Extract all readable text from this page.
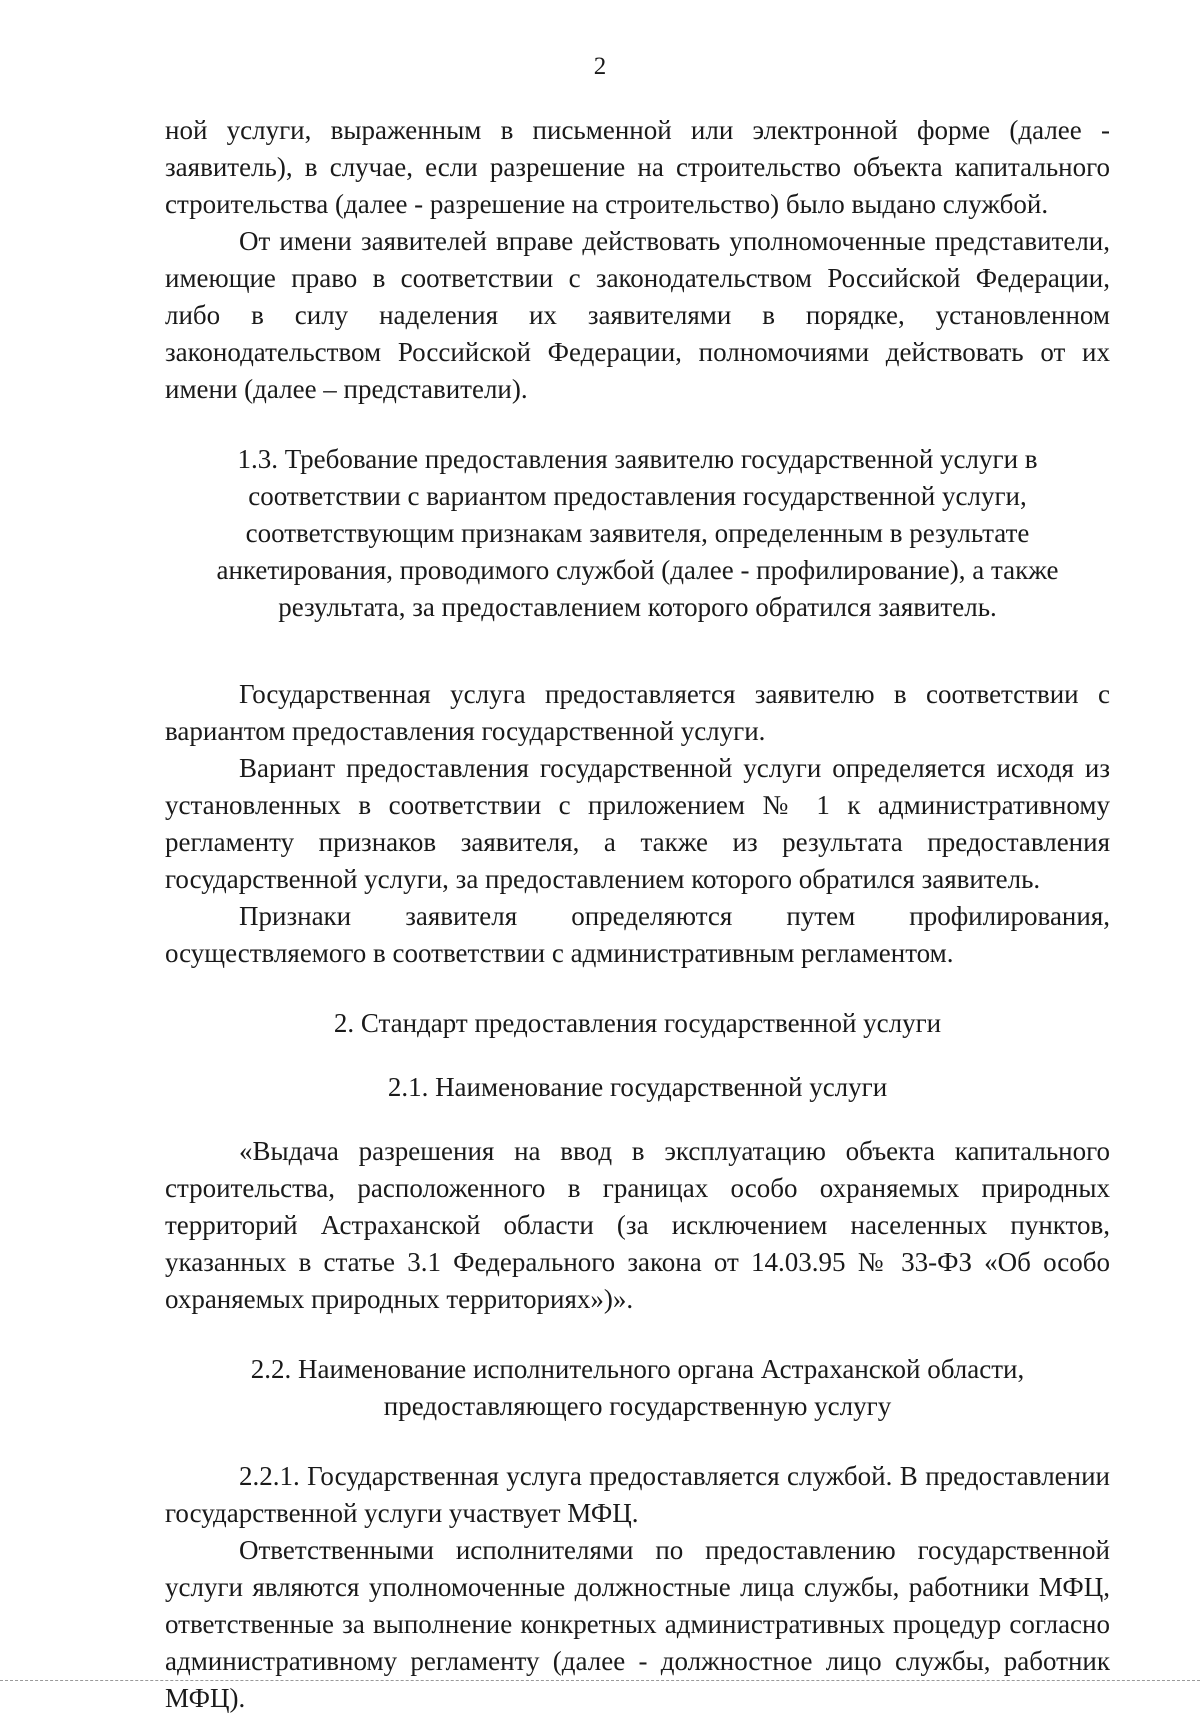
2

ной услуги, выраженным в письменной или электронной форме (далее - заявитель), в случае, если разрешение на строительство объекта капитального строительства (далее - разрешение на строительство) было выдано службой.

От имени заявителей вправе действовать уполномоченные представители, имеющие право в соответствии с законодательством Российской Федерации, либо в силу наделения их заявителями в порядке, установленном законодательством Российской Федерации, полномочиями действовать от их имени (далее – представители).

1.3. Требование предоставления заявителю государственной услуги в соответствии с вариантом предоставления государственной услуги, соответствующим признакам заявителя, определенным в результате анкетирования, проводимого службой (далее - профилирование), а также результата, за предоставлением которого обратился заявитель.

Государственная услуга предоставляется заявителю в соответствии с вариантом предоставления государственной услуги.

Вариант предоставления государственной услуги определяется исходя из установленных в соответствии с приложением № 1 к административному регламенту признаков заявителя, а также из результата предоставления государственной услуги, за предоставлением которого обратился заявитель.

Признаки заявителя определяются путем профилирования, осуществляемого в соответствии с административным регламентом.

2. Стандарт предоставления государственной услуги

2.1. Наименование государственной услуги

«Выдача разрешения на ввод в эксплуатацию объекта капитального строительства, расположенного в границах особо охраняемых природных территорий Астраханской области (за исключением населенных пунктов, указанных в статье 3.1 Федерального закона от 14.03.95 № 33-ФЗ «Об особо охраняемых природных территориях»)».

2.2. Наименование исполнительного органа Астраханской области, предоставляющего государственную услугу

2.2.1. Государственная услуга предоставляется службой. В предоставлении государственной услуги участвует МФЦ.

Ответственными исполнителями по предоставлению государственной услуги являются уполномоченные должностные лица службы, работники МФЦ, ответственные за выполнение конкретных административных процедур согласно административному регламенту (далее - должностное лицо службы, работник МФЦ).
